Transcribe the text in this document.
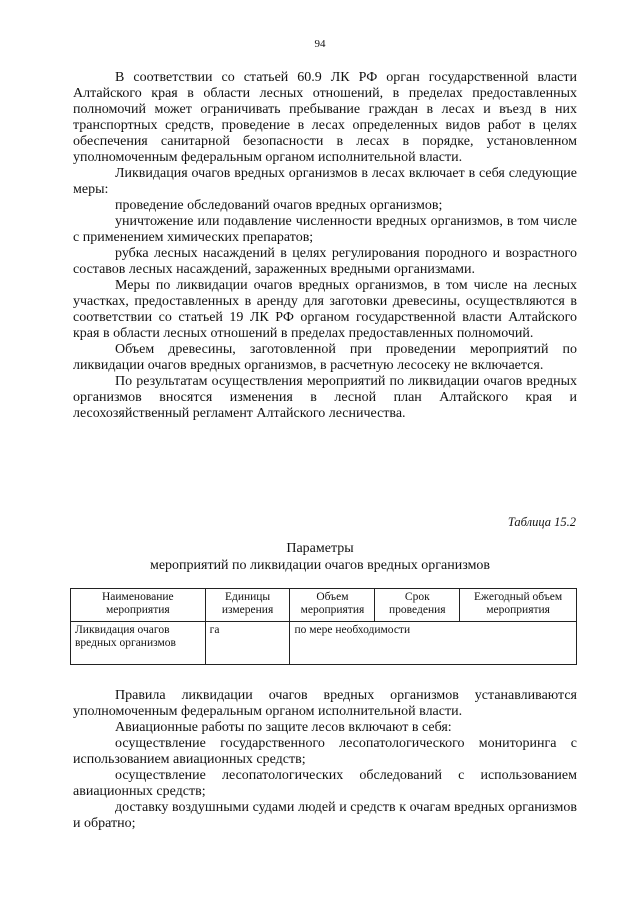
94

В соответствии со статьей 60.9 ЛК РФ орган государственной власти Алтайского края в области лесных отношений, в пределах предоставленных полномочий может ограничивать пребывание граждан в лесах и въезд в них транспортных средств, проведение в лесах определенных видов работ в целях обеспечения санитарной безопасности в лесах в порядке, установленном уполномоченным федеральным органом исполнительной власти.

Ликвидация очагов вредных организмов в лесах включает в себя следующие меры:

проведение обследований очагов вредных организмов;

уничтожение или подавление численности вредных организмов, в том числе с применением химических препаратов;

рубка лесных насаждений в целях регулирования породного и возрастного составов лесных насаждений, зараженных вредными организмами.

Меры по ликвидации очагов вредных организмов, в том числе на лесных участках, предоставленных в аренду для заготовки древесины, осуществляются в соответствии со статьей 19 ЛК РФ органом государственной власти Алтайского края в области лесных отношений в пределах предоставленных полномочий.

Объем древесины, заготовленной при проведении мероприятий по ликвидации очагов вредных организмов, в расчетную лесосеку не включается.

По результатам осуществления мероприятий по ликвидации очагов вредных организмов вносятся изменения в лесной план Алтайского края и лесохозяйственный регламент Алтайского лесничества.

Таблица 15.2
Параметры
мероприятий по ликвидации очагов вредных организмов
Наименование мероприятия	Единицы измерения	Объем мероприятия	Срок проведения	Ежегодный объем мероприятия
Ликвидация очагов вредных организмов	га	по мере необходимости		

Правила ликвидации очагов вредных организмов устанавливаются уполномоченным федеральным органом исполнительной власти.

Авиационные работы по защите лесов включают в себя:

осуществление государственного лесопатологического мониторинга с использованием авиационных средств;

осуществление лесопатологических обследований с использованием авиационных средств;

доставку воздушными судами людей и средств к очагам вредных организмов и обратно;
